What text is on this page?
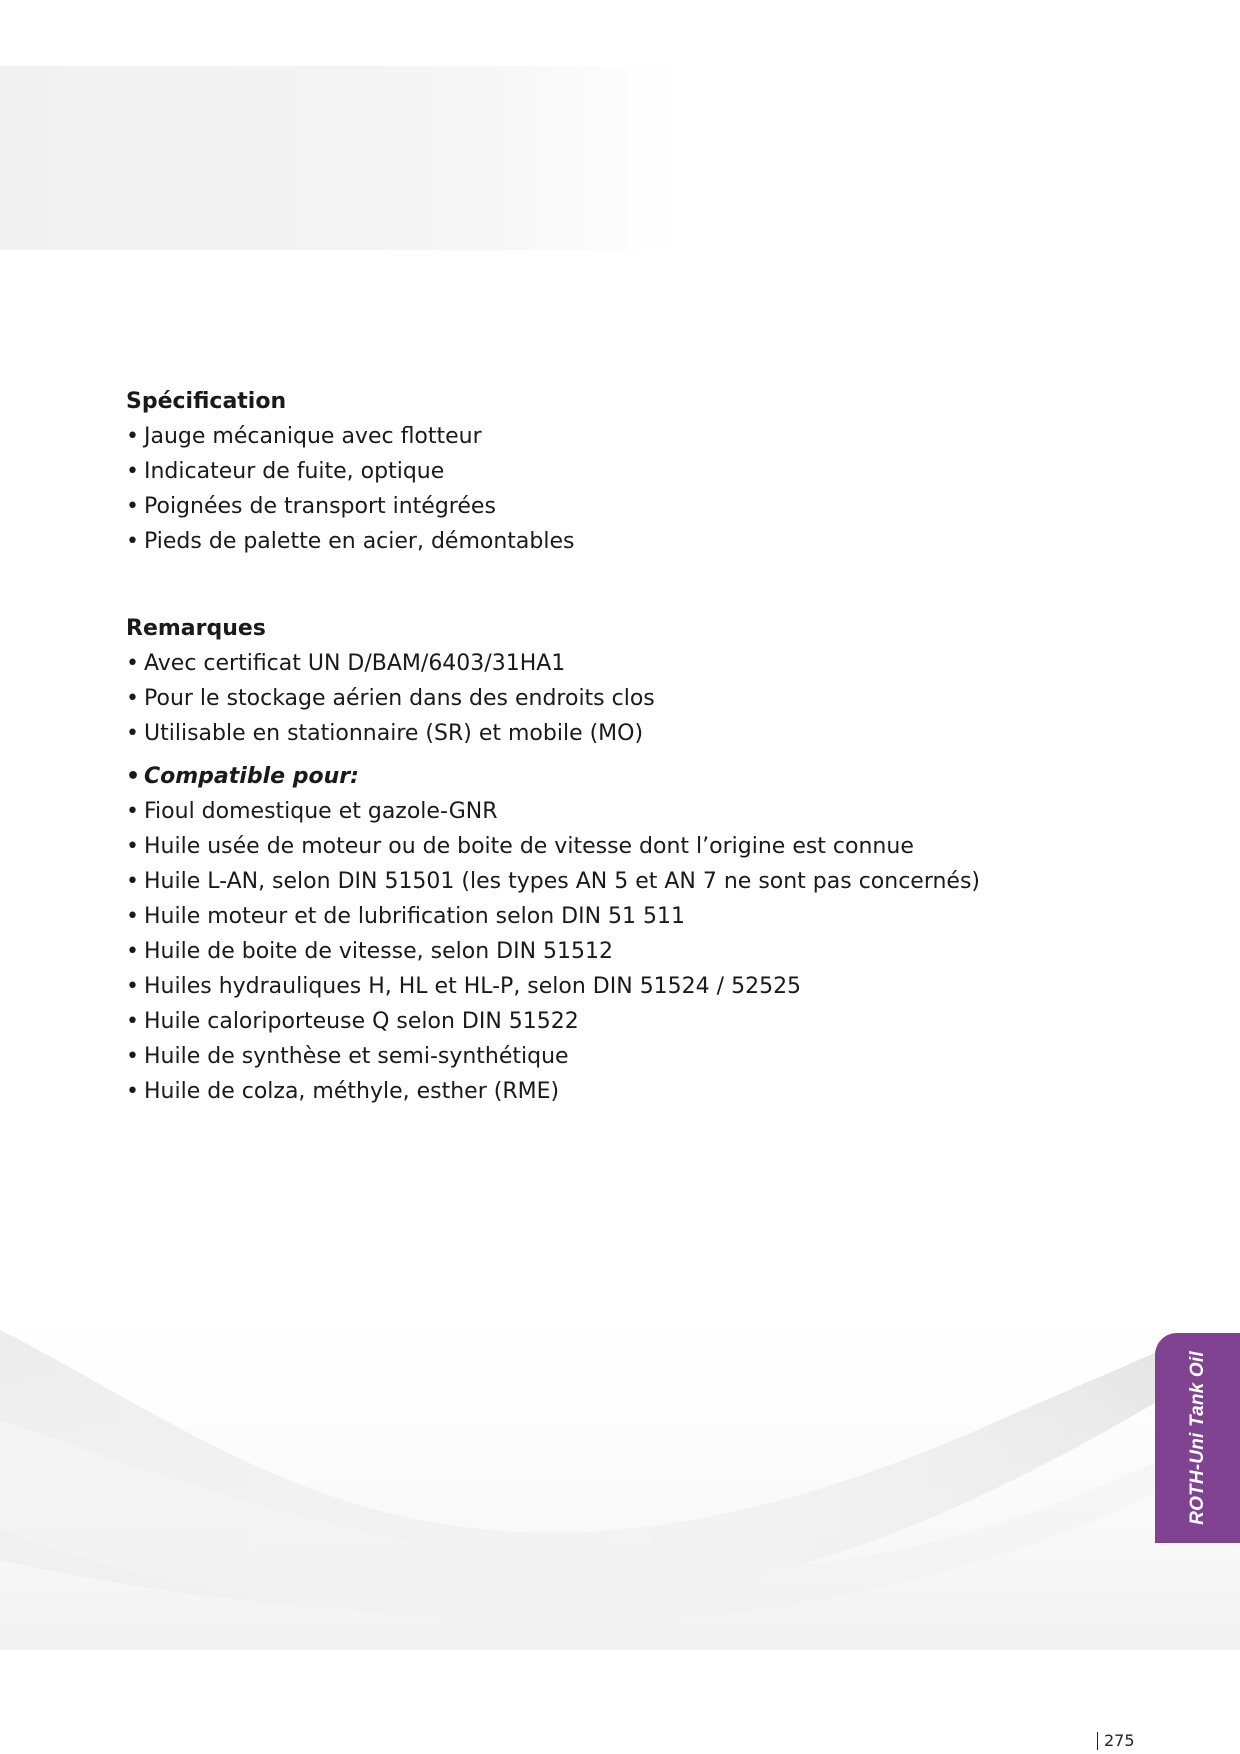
Spécification
• Jauge mécanique avec flotteur
• Indicateur de fuite, optique
• Poignées de transport intégrées
• Pieds de palette en acier, démontables
Remarques
• Avec certificat UN D/BAM/6403/31HA1
• Pour le stockage aérien dans des endroits clos
• Utilisable en stationnaire (SR) et mobile (MO)
• Compatible pour:
• Fioul domestique et gazole-GNR
• Huile usée de moteur ou de boite de vitesse dont l’origine est connue
• Huile L-AN, selon DIN 51501 (les types AN 5 et AN 7 ne sont pas concernés)
• Huile moteur et de lubrification selon DIN 51 511
• Huile de boite de vitesse, selon DIN 51512
• Huiles hydrauliques H, HL et HL-P, selon DIN 51524 / 52525
• Huile caloriporteuse Q selon DIN 51522
• Huile de synthèse et semi-synthétique
• Huile de colza, méthyle, esther (RME)
ROTH-Uni Tank Oil
275
